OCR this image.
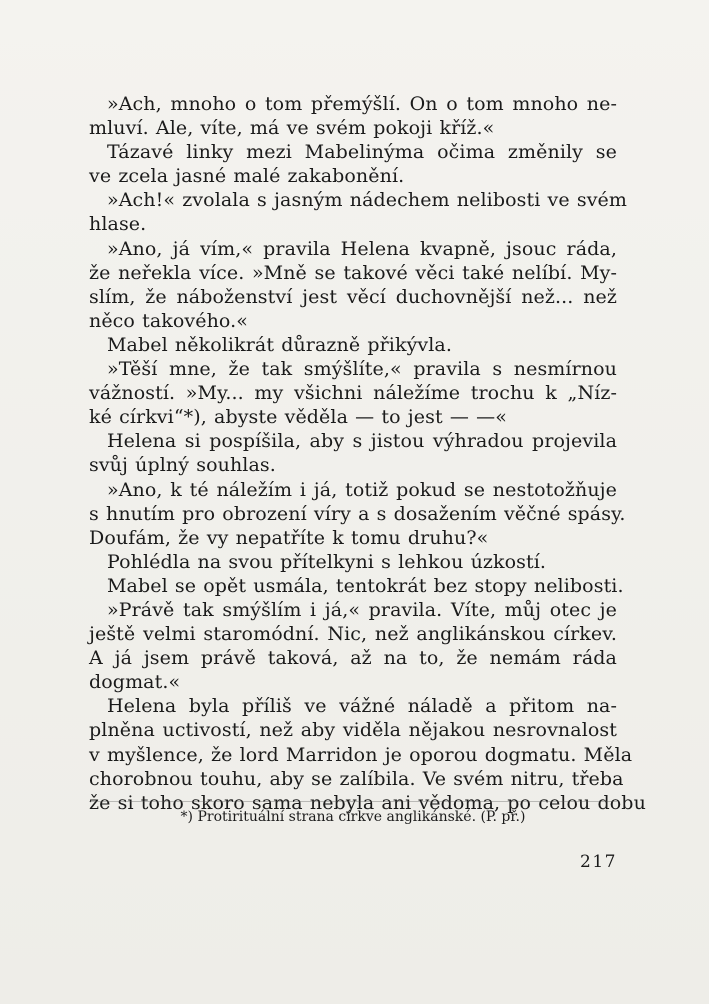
»Ach, mnoho o tom přemýšlí. On o tom mnoho ne-
mluví. Ale, víte, má ve svém pokoji kříž.«
Tázavé linky mezi Mabelinýma očima změnily se
ve zcela jasné malé zakabonění.
»Ach!« zvolala s jasným nádechem nelibosti ve svém
hlase.
»Ano, já vím,« pravila Helena kvapně, jsouc ráda,
že neřekla více. »Mně se takové věci také nelíbí. My-
slím, že náboženství jest věcí duchovnější než... než
něco takového.«
Mabel několikrát důrazně přikývla.
»Těší mne, že tak smýšlíte,« pravila s nesmírnou
vážností. »My... my všichni náležíme trochu k „Níz-
ké církvi“*), abyste věděla — to jest — —«
Helena si pospíšila, aby s jistou výhradou projevila
svůj úplný souhlas.
»Ano, k té náležím i já, totiž pokud se nestotožňuje
s hnutím pro obrození víry a s dosažením věčné spásy.
Doufám, že vy nepatříte k tomu druhu?«
Pohlédla na svou přítelkyni s lehkou úzkostí.
Mabel se opět usmála, tentokrát bez stopy nelibosti.
»Právě tak smýšlím i já,« pravila. Víte, můj otec je
ještě velmi staromódní. Nic, než anglikánskou církev.
A já jsem právě taková, až na to, že nemám ráda
dogmat.«
Helena byla příliš ve vážné náladě a přitom na-
plněna uctivostí, než aby viděla nějakou nesrovnalost
v myšlence, že lord Marridon je oporou dogmatu. Měla
chorobnou touhu, aby se zalíbila. Ve svém nitru, třeba
že si toho skoro sama nebyla ani vědoma, po celou dobu
*) Protirituální strana církve anglikánské. (P. př.)
217
